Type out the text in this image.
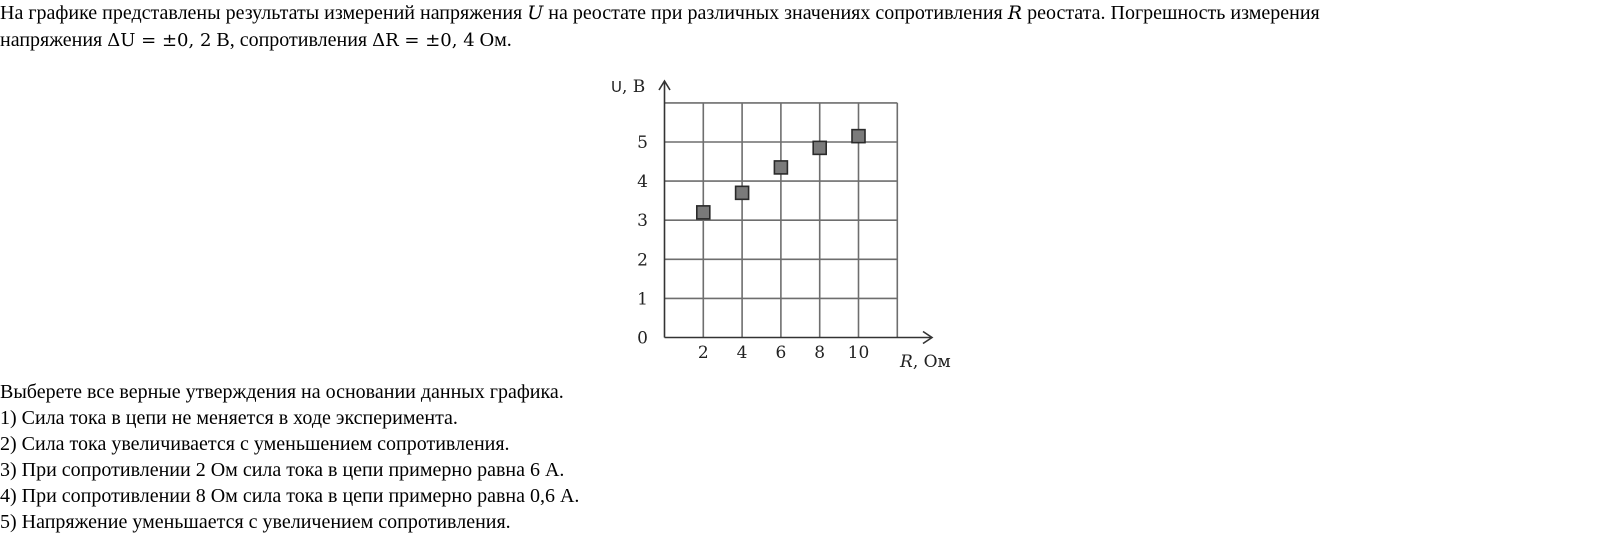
На графике представлены результаты измерений напряжения U на реостате при различных значениях сопротивления R реостата. Погрешность измерения
напряжения ΔU = ±0, 2 В, сопротивления ΔR = ±0, 4 Ом.
0
1
2
3
4
5
2 4 6 8 10
U, В
R, Ом
Выберете все верные утверждения на основании данных графика.
1) Сила тока в цепи не меняется в ходе эксперимента.
2) Сила тока увеличивается с уменьшением сопротивления.
3) При сопротивлении 2 Ом сила тока в цепи примерно равна 6 А.
4) При сопротивлении 8 Ом сила тока в цепи примерно равна 0,6 А.
5) Напряжение уменьшается с увеличением сопротивления.
